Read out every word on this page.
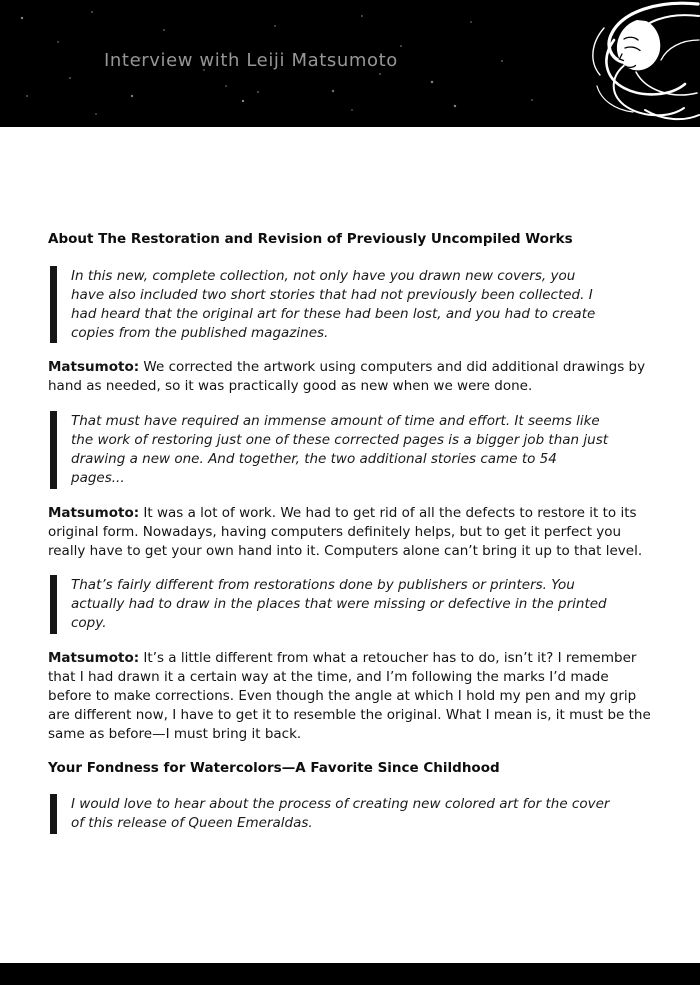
Interview with Leiji Matsumoto
About The Restoration and Revision of Previously Uncompiled Works
In this new, complete collection, not only have you drawn new covers, you have also included two short stories that had not previously been collected. I had heard that the original art for these had been lost, and you had to create copies from the published magazines.

Matsumoto: We corrected the artwork using computers and did additional drawings by hand as needed, so it was practically good as new when we were done.

That must have required an immense amount of time and effort. It seems like the work of restoring just one of these corrected pages is a bigger job than just drawing a new one. And together, the two additional stories came to 54 pages...

Matsumoto: It was a lot of work. We had to get rid of all the defects to restore it to its original form. Nowadays, having computers definitely helps, but to get it perfect you really have to get your own hand into it. Computers alone can’t bring it up to that level.

That’s fairly different from restorations done by publishers or printers. You actually had to draw in the places that were missing or defective in the printed copy.

Matsumoto: It’s a little different from what a retoucher has to do, isn’t it? I remember that I had drawn it a certain way at the time, and I’m following the marks I’d made before to make corrections. Even though the angle at which I hold my pen and my grip are different now, I have to get it to resemble the original. What I mean is, it must be the same as before—I must bring it back.

Your Fondness for Watercolors—A Favorite Since Childhood
I would love to hear about the process of creating new colored art for the cover of this release of Queen Emeraldas.
